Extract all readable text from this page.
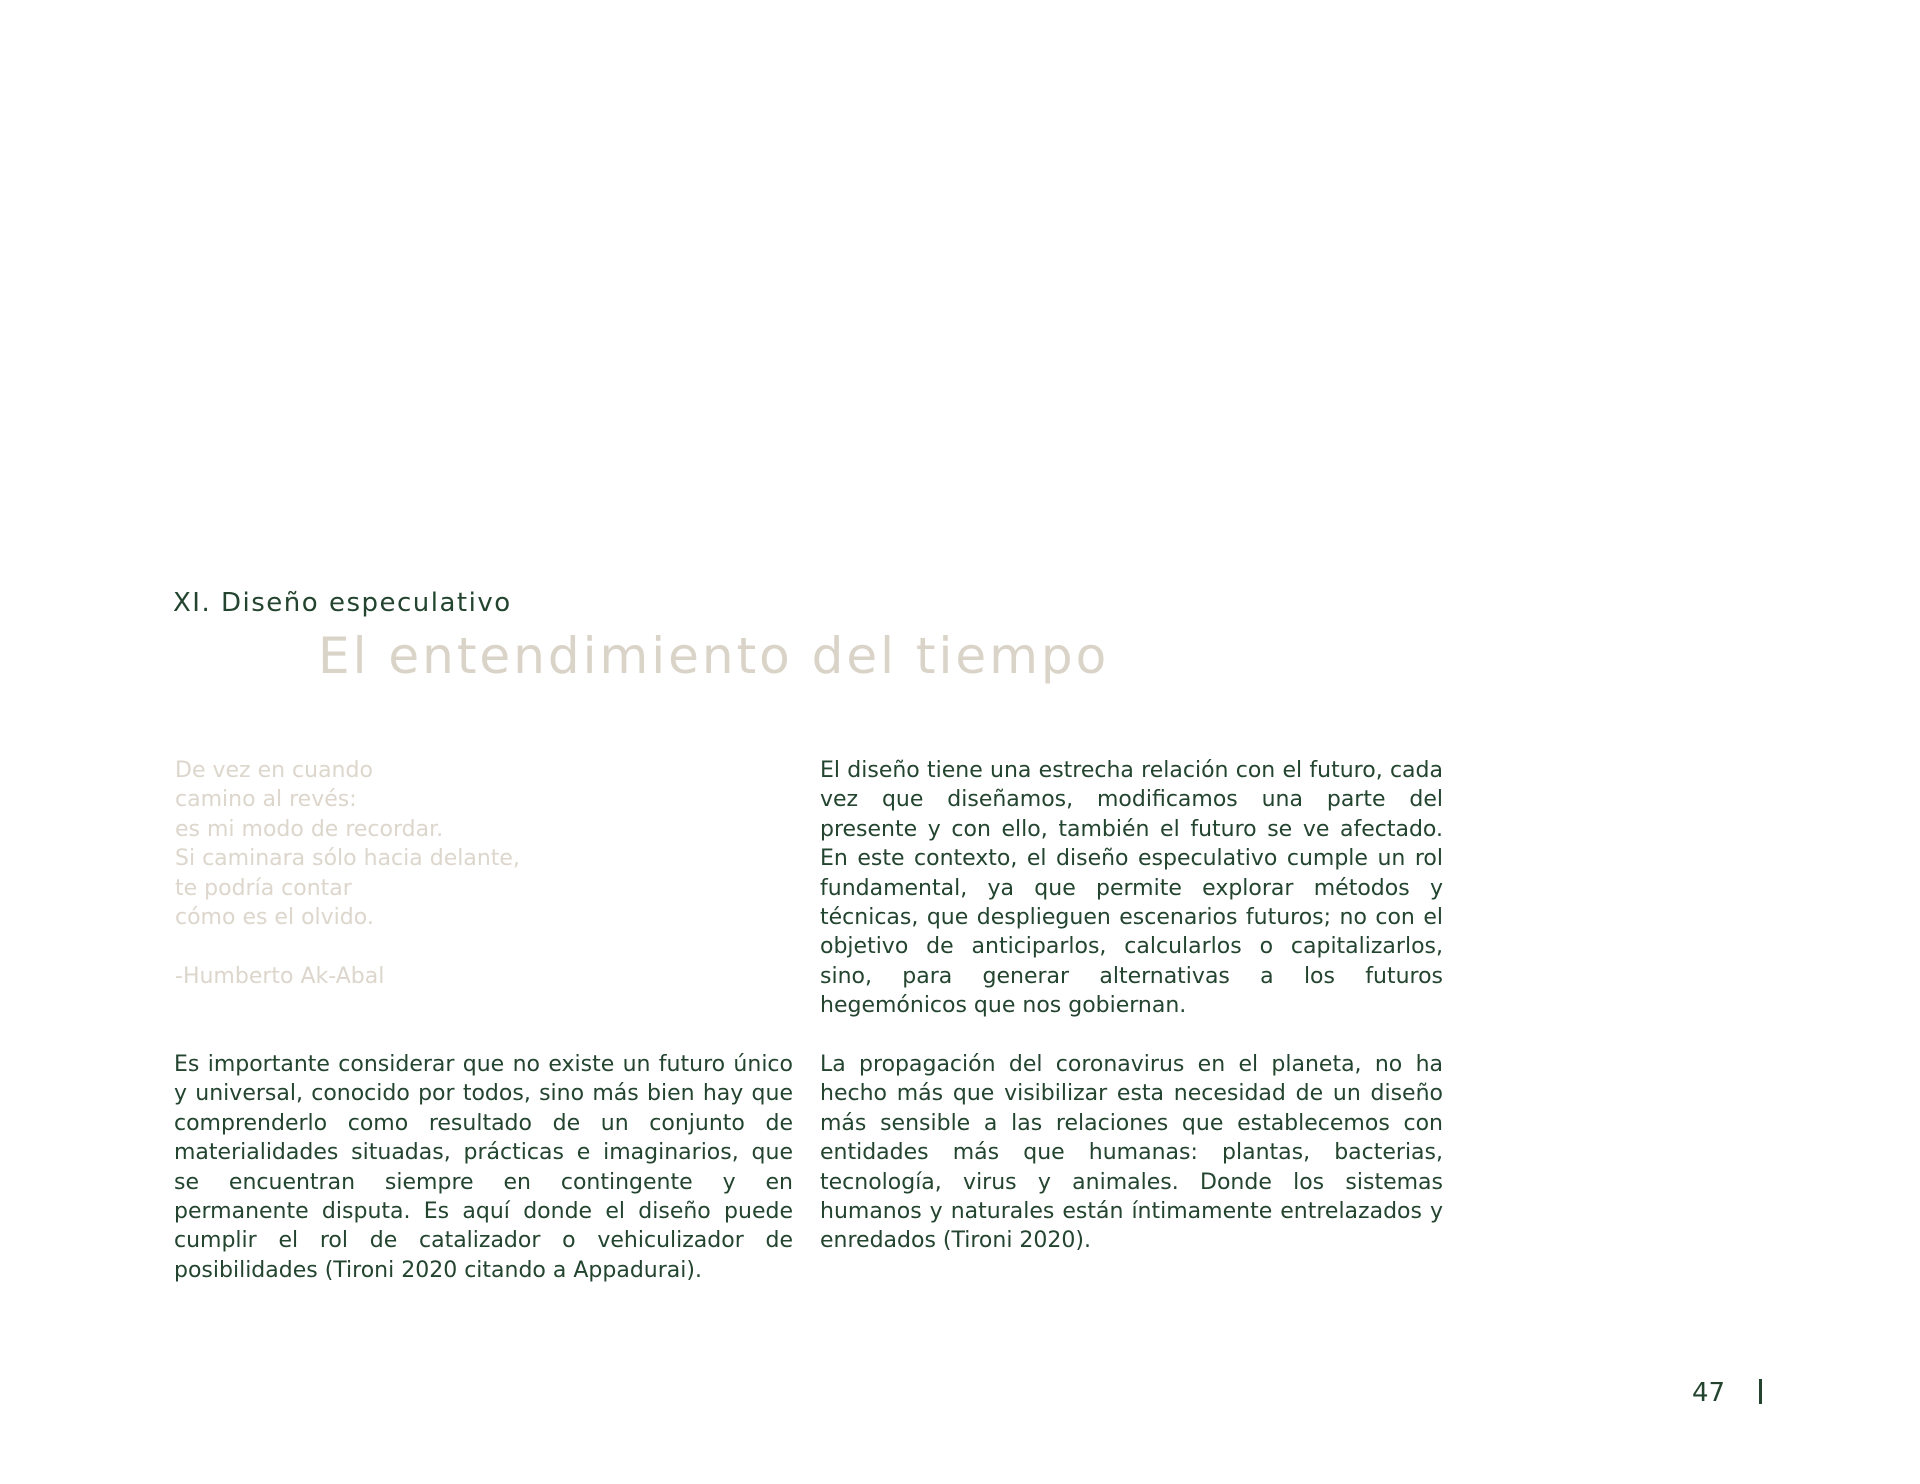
XI. Diseño especulativo
El entendimiento del tiempo
De vez en cuando
camino al revés:
es mi modo de recordar.
Si caminara sólo hacia delante,
te podría contar
cómo es el olvido.
-Humberto Ak-Abal

El diseño tiene una estrecha relación con el futuro, cada vez que diseñamos, modificamos una parte del presente y con ello, también el futuro se ve afectado. En este contexto, el diseño especulativo cumple un rol fundamental, ya que permite explorar métodos y técnicas, que desplieguen escenarios futuros; no con el objetivo de anticiparlos, calcularlos o capitalizarlos, sino, para generar alternativas a los futuros hegemónicos que nos gobiernan.

Es importante considerar que no existe un futuro único y universal, conocido por todos, sino más bien hay que comprenderlo como resultado de un conjunto de materialidades situadas, prácticas e imaginarios, que se encuentran siempre en contingente y en permanente disputa. Es aquí donde el diseño puede cumplir el rol de catalizador o vehiculizador de posibilidades (Tironi 2020 citando a Appadurai).

La propagación del coronavirus en el planeta, no ha hecho más que visibilizar esta necesidad de un diseño más sensible a las relaciones que establecemos con entidades más que humanas: plantas, bacterias, tecnología, virus y animales. Donde los sistemas humanos y naturales están íntimamente entrelazados y enredados (Tironi 2020).

47
